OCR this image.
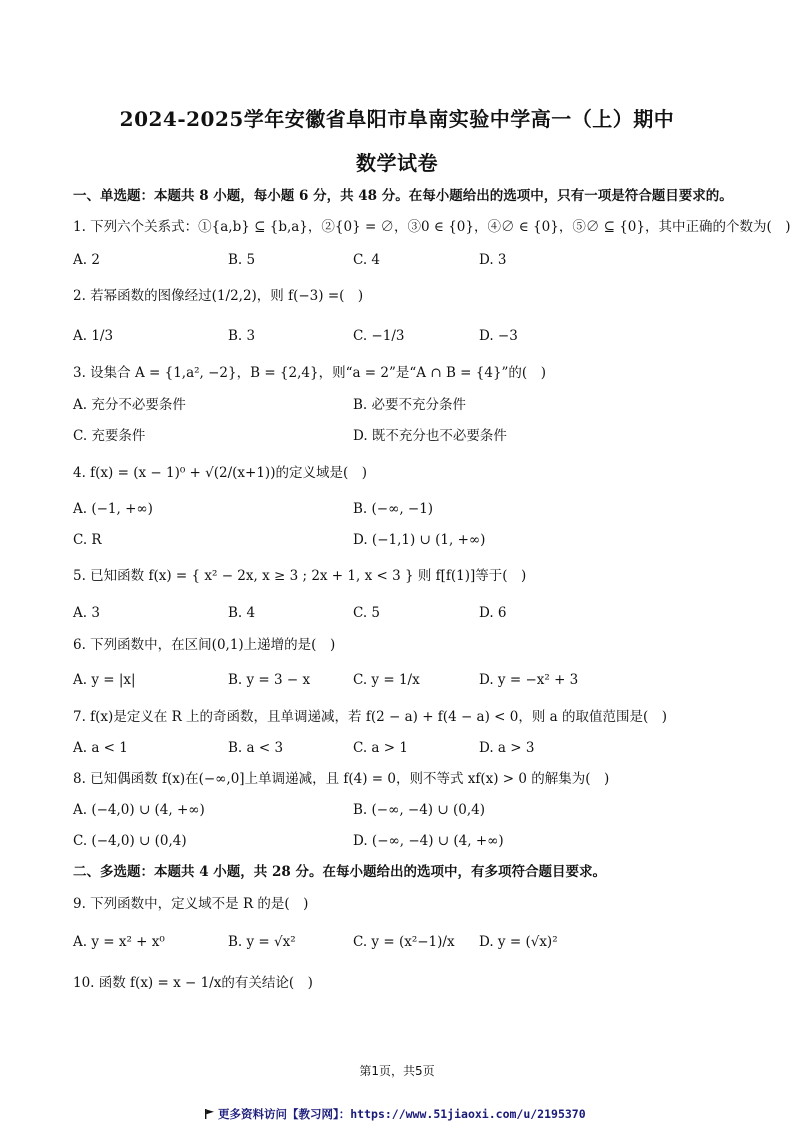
2024-2025学年安徽省阜阳市阜南实验中学高一（上）期中
数学试卷
一、单选题：本题共 8 小题，每小题 6 分，共 48 分。在每小题给出的选项中，只有一项是符合题目要求的。
1. 下列六个关系式：①{a,b} ⊆ {b,a}，②{0} = ∅，③0 ∈ {0}，④∅ ∈ {0}，⑤∅ ⊆ {0}，其中正确的个数为(　)
A. 2	B. 5	C. 4	D. 3
2. 若幂函数的图像经过(1/2,2)，则 f(−3) =(　)
A. 1/3	B. 3	C. −1/3	D. −3
3. 设集合 A = {1,a², −2}，B = {2,4}，则“a = 2”是“A ∩ B = {4}”的(　)
A. 充分不必要条件	B. 必要不充分条件
C. 充要条件	D. 既不充分也不必要条件
4. f(x) = (x − 1)⁰ + √(2/(x+1))的定义域是(　)
A. (−1, +∞)	B. (−∞, −1)
C. R	D. (−1,1) ∪ (1, +∞)
5. 已知函数 f(x) = { x² − 2x, x ≥ 3 ; 2x + 1, x < 3 } 则 f[f(1)]等于(　)
A. 3	B. 4	C. 5	D. 6
6. 下列函数中，在区间(0,1)上递增的是(　)
A. y = |x|	B. y = 3 − x	C. y = 1/x	D. y = −x² + 3
7. f(x)是定义在 R 上的奇函数，且单调递减，若 f(2 − a) + f(4 − a) < 0，则 a 的取值范围是(　)
A. a < 1	B. a < 3	C. a > 1	D. a > 3
8. 已知偶函数 f(x)在(−∞,0]上单调递减，且 f(4) = 0，则不等式 xf(x) > 0 的解集为(　)
A. (−4,0) ∪ (4, +∞)	B. (−∞, −4) ∪ (0,4)
C. (−4,0) ∪ (0,4)	D. (−∞, −4) ∪ (4, +∞)
二、多选题：本题共 4 小题，共 28 分。在每小题给出的选项中，有多项符合题目要求。
9. 下列函数中，定义域不是 R 的是(　)
A. y = x² + x⁰	B. y = √x²	C. y = (x²−1)/x D. y = (√x)²
10. 函数 f(x) = x − 1/x的有关结论(　)
第1页，共5页
更多资料访问【教习网】：https://www.51jiaoxi.com/u/2195370
